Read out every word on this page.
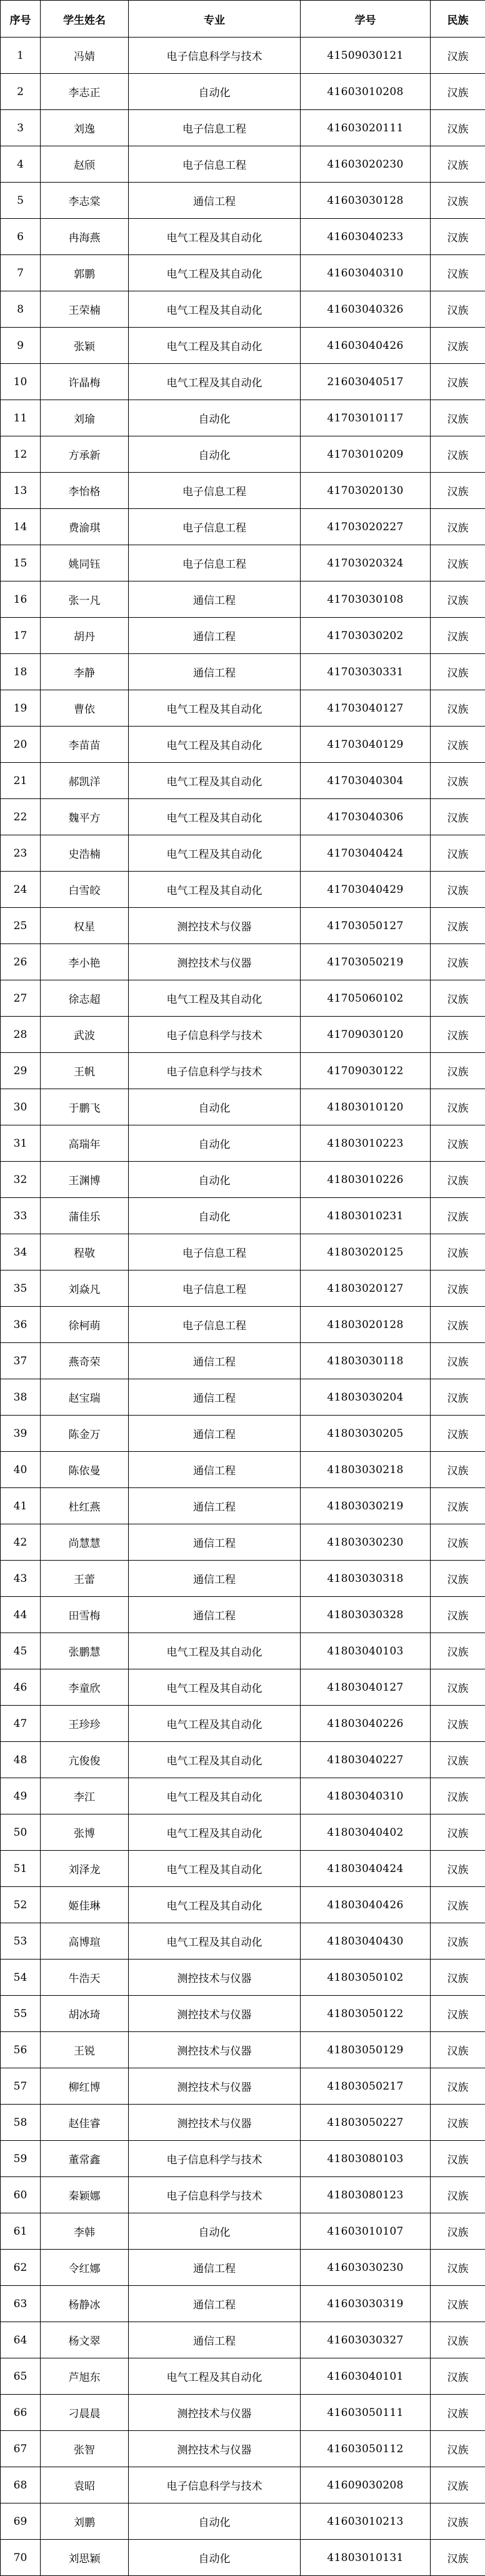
序号	学生姓名	专业	学号	民族
1	冯婧	电子信息科学与技术	41509030121	汉族
2	李志正	自动化	41603010208	汉族
3	刘逸	电子信息工程	41603020111	汉族
4	赵颀	电子信息工程	41603020230	汉族
5	李志棠	通信工程	41603030128	汉族
6	冉海燕	电气工程及其自动化	41603040233	汉族
7	郭鹏	电气工程及其自动化	41603040310	汉族
8	王荣楠	电气工程及其自动化	41603040326	汉族
9	张颖	电气工程及其自动化	41603040426	汉族
10	许晶梅	电气工程及其自动化	21603040517	汉族
11	刘瑜	自动化	41703010117	汉族
12	方承新	自动化	41703010209	汉族
13	李怡格	电子信息工程	41703020130	汉族
14	费渝琪	电子信息工程	41703020227	汉族
15	姚同钰	电子信息工程	41703020324	汉族
16	张一凡	通信工程	41703030108	汉族
17	胡丹	通信工程	41703030202	汉族
18	李静	通信工程	41703030331	汉族
19	曹依	电气工程及其自动化	41703040127	汉族
20	李苗苗	电气工程及其自动化	41703040129	汉族
21	郝凯洋	电气工程及其自动化	41703040304	汉族
22	魏平方	电气工程及其自动化	41703040306	汉族
23	史浩楠	电气工程及其自动化	41703040424	汉族
24	白雪皎	电气工程及其自动化	41703040429	汉族
25	权星	测控技术与仪器	41703050127	汉族
26	李小艳	测控技术与仪器	41703050219	汉族
27	徐志超	电气工程及其自动化	41705060102	汉族
28	武波	电子信息科学与技术	41709030120	汉族
29	王帆	电子信息科学与技术	41709030122	汉族
30	于鹏飞	自动化	41803010120	汉族
31	高瑞年	自动化	41803010223	汉族
32	王渊博	自动化	41803010226	汉族
33	蒲佳乐	自动化	41803010231	汉族
34	程敬	电子信息工程	41803020125	汉族
35	刘焱凡	电子信息工程	41803020127	汉族
36	徐柯萌	电子信息工程	41803020128	汉族
37	燕奇荣	通信工程	41803030118	汉族
38	赵宝瑞	通信工程	41803030204	汉族
39	陈金万	通信工程	41803030205	汉族
40	陈依曼	通信工程	41803030218	汉族
41	杜红燕	通信工程	41803030219	汉族
42	尚慧慧	通信工程	41803030230	汉族
43	王蕾	通信工程	41803030318	汉族
44	田雪梅	通信工程	41803030328	汉族
45	张鹏慧	电气工程及其自动化	41803040103	汉族
46	李童欣	电气工程及其自动化	41803040127	汉族
47	王珍珍	电气工程及其自动化	41803040226	汉族
48	亢俊俊	电气工程及其自动化	41803040227	汉族
49	李江	电气工程及其自动化	41803040310	汉族
50	张博	电气工程及其自动化	41803040402	汉族
51	刘泽龙	电气工程及其自动化	41803040424	汉族
52	姬佳琳	电气工程及其自动化	41803040426	汉族
53	高博瑄	电气工程及其自动化	41803040430	汉族
54	牛浩天	测控技术与仪器	41803050102	汉族
55	胡冰琦	测控技术与仪器	41803050122	汉族
56	王锐	测控技术与仪器	41803050129	汉族
57	柳红博	测控技术与仪器	41803050217	汉族
58	赵佳睿	测控技术与仪器	41803050227	汉族
59	董常鑫	电子信息科学与技术	41803080103	汉族
60	秦颖娜	电子信息科学与技术	41803080123	汉族
61	李韩	自动化	41603010107	汉族
62	令红娜	通信工程	41603030230	汉族
63	杨静冰	通信工程	41603030319	汉族
64	杨文翠	通信工程	41603030327	汉族
65	芦旭东	电气工程及其自动化	41603040101	汉族
66	刁晨晨	测控技术与仪器	41603050111	汉族
67	张智	测控技术与仪器	41603050112	汉族
68	袁昭	电子信息科学与技术	41609030208	汉族
69	刘鹏	自动化	41603010213	汉族
70	刘思颖	自动化	41803010131	汉族
